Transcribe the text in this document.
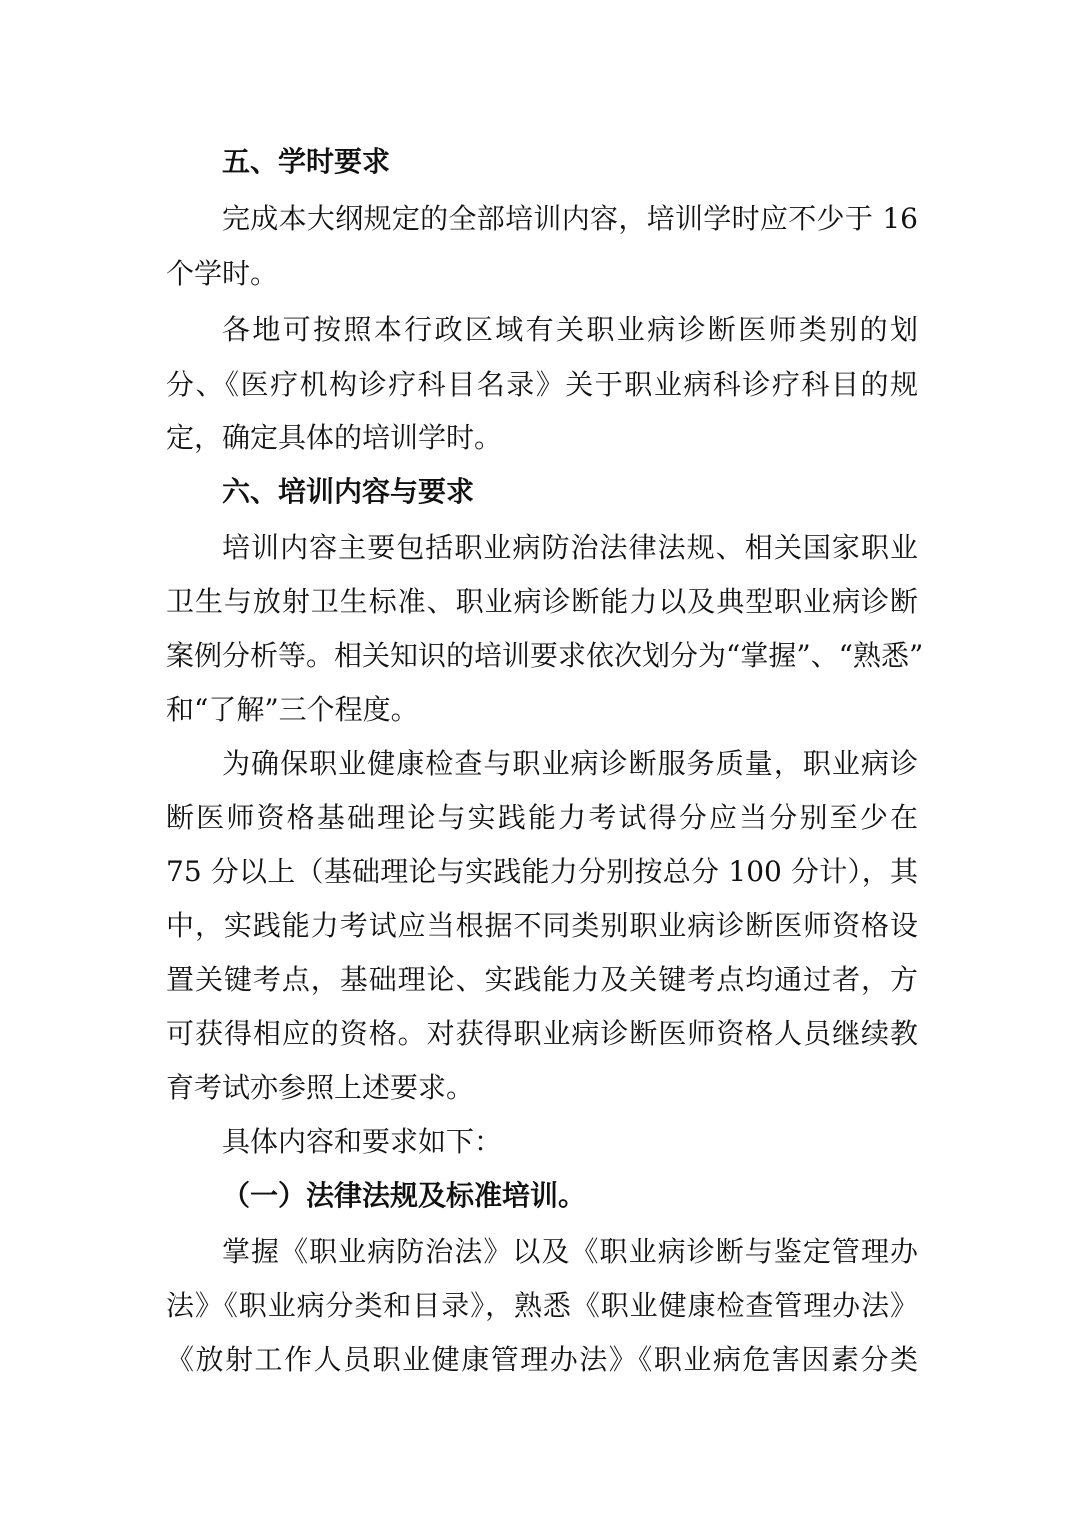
五、学时要求
完成本大纲规定的全部培训内容，培训学时应不少于 16
个学时。
各地可按照本行政区域有关职业病诊断医师类别的划
分、《医疗机构诊疗科目名录》关于职业病科诊疗科目的规
定，确定具体的培训学时。
六、培训内容与要求
培训内容主要包括职业病防治法律法规、相关国家职业
卫生与放射卫生标准、职业病诊断能力以及典型职业病诊断
案例分析等。相关知识的培训要求依次划分为“掌握”、“熟悉”
和“了解”三个程度。
为确保职业健康检查与职业病诊断服务质量，职业病诊
断医师资格基础理论与实践能力考试得分应当分别至少在
75 分以上（基础理论与实践能力分别按总分 100 分计），其
中，实践能力考试应当根据不同类别职业病诊断医师资格设
置关键考点，基础理论、实践能力及关键考点均通过者，方
可获得相应的资格。对获得职业病诊断医师资格人员继续教
育考试亦参照上述要求。
具体内容和要求如下：
（一）法律法规及标准培训。
掌握《职业病防治法》以及《职业病诊断与鉴定管理办
法》《职业病分类和目录》，熟悉《职业健康检查管理办法》
《放射工作人员职业健康管理办法》《职业病危害因素分类
